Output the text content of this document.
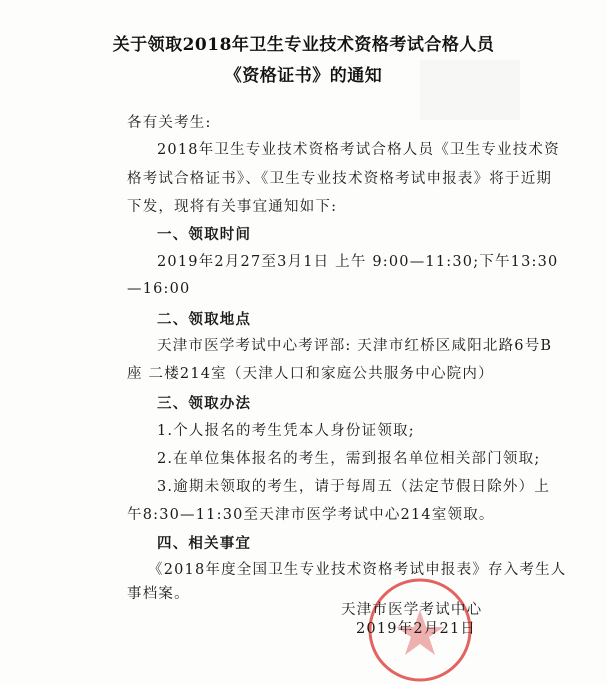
关于领取2018年卫生专业技术资格考试合格人员
《资格证书》的通知
各有关考生:
2018年卫生专业技术资格考试合格人员《卫生专业技术资
格考试合格证书》、《卫生专业技术资格考试申报表》将于近期
下发，现将有关事宜通知如下:
一、领取时间
2019年2月27至3月1日 上午 9:00—11:30;下午13:30
—16:00
二、领取地点
天津市医学考试中心考评部: 天津市红桥区咸阳北路6号B
座 二楼214室（天津人口和家庭公共服务中心院内）
三、领取办法
1.个人报名的考生凭本人身份证领取;
2.在单位集体报名的考生，需到报名单位相关部门领取;
3.逾期未领取的考生，请于每周五（法定节假日除外）上
午8:30—11:30至天津市医学考试中心214室领取。
四、相关事宜
《2018年度全国卫生专业技术资格考试申报表》存入考生人
事档案。
天津市医学考试中心
2019年2月21日
